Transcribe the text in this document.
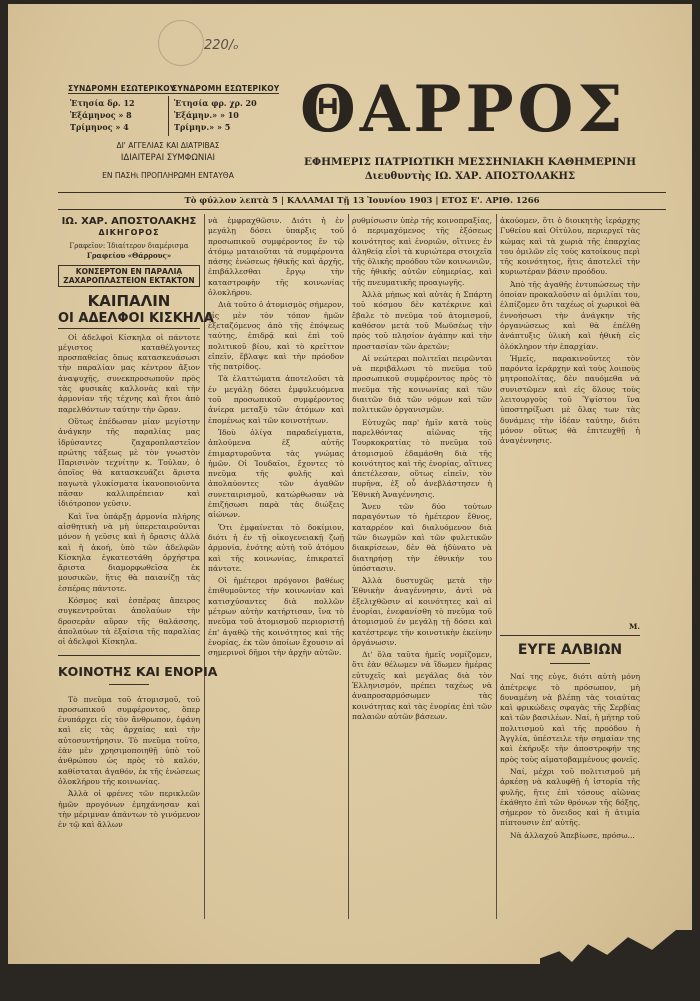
220/ₒ
ΣΥΝΔΡΟΜΗ ΕΣΩΤΕΡΙΚΟΥ
ΣΥΝΔΡΟΜΗ ΕΣΩΤΕΡΙΚΟΥ
Ἐτησία δρ. 12	Ἐτησία φρ. χρ. 20
Ἑξάμηνος » 8	Ἑξάμην.» » 10
Τρίμηνος » 4	Τρίμην.» » 5
ΔΙ' ΑΓΓΕΛΙΑΣ ΚΑΙ ΔΙΑΤΡΙΒΑΣ
ΙΔΙΑΙΤΕΡΑΙ ΣΥΜΦΩΝΙΑΙ
ΕΝ ΠΑΣΗι ΠΡΟΠΛΗΡΩΜΗ ΕΝΤΑΥΘΑ
ΘΑΡΡΟΣ
ΕΦΗΜΕΡΙΣ ΠΑΤΡΙΩΤΙΚΗ ΜΕΣΣΗΝΙΑΚΗ ΚΑΘΗΜΕΡΙΝΗ
Διευθυντὴς ΙΩ. ΧΑΡ. ΑΠΟΣΤΟΛΑΚΗΣ
Τὸ φύλλον λεπτὰ 5 | ΚΑΛΑΜΑΙ Τῇ 13 Ἰουνίου 1903 | ΕΤΟΣ Ε'. ΑΡΙΘ. 1266
ΙΩ. ΧΑΡ. ΑΠΟΣΤΟΛΑΚΗΣ
ΔΙΚΗΓΟΡΟΣ
Γραφεῖον: Ἰδιαίτερον διαμέρισμα
Γραφείου «Θάρρους»
ΚΟΝΣΕΡΤΟΝ ΕΝ ΠΑΡΑΛΙᾼ
ΖΑΧΑΡΟΠΛΑΣΤΕΙΟΝ ΕΚΤΑΚΤΟΝ
ΚΑΙΠΑΛΙΝ
ΟΙ ΑΔΕΛΦΟΙ ΚΙΣΚΗΛΑ

Οἱ ἀδελφοὶ Κίσκηλα οἱ πάντοτε μέγιστος καταθέλγοντες προσπαθείας ὅπως κατασκευάσωσι τὴν παραλίαν μας κέντρον ἄξιον ἀναψυχῆς, συνεκπροσωποῦν πρὸς τὰς φυσικὰς καλλονὰς καὶ τὴν ἁρμονίαν τῆς τέχνης καὶ ἤτοι ἀπὸ παρελθόντων ταύτην τὴν ὥραν.

Οὕτως ἐπέδωσαν μίαν μεγίστην ἀνάγκην τῆς παραλίας μας ἱδρύσαντες ζαχαροπλαστεῖον πρώτης τάξεως μὲ τὸν γνωστὸν Παρισινὸν τεχνίτην κ. Τούλαν, ὁ ὁποῖος θὰ κατασκευάζει ἄριστα παγωτὰ γλυκίσματα ἱκανοποιοῦντα πᾶσαν καλλιπρέπειαν καὶ ἰδιότροπον γεῦσιν.

Καὶ ἵνα ὑπάρξῃ ἁρμονία πλήρης αἰσθητικὴ νὰ μὴ ὑπερεταιροῦνται μόνον ἡ γεῦσις καὶ ἡ ὄρασις ἀλλὰ καὶ ἡ ἀκοή, ὑπὸ τῶν ἀδελφῶν Κίσκηλα ἐγκατεστάθη ὀρχήστρα ἄριστα διαμορφωθεῖσα ἐκ μουσικῶν, ἥτις θὰ παιανίζῃ τὰς ἑσπέρας πάντοτε.

Κόσμος καὶ ἐσπέρας ἄπειρος συγκεντροῦται ἀπολαύων τὴν δροσερὰν αὔραν τῆς θαλάσσης, ἀπολαύων τὰ ἐξαίσια τῆς παραλίας οἱ ἀδελφοὶ Κίσκηλα.

ΚΟΙΝΟΤΗΣ ΚΑΙ ΕΝΟΡΙΑ

Τὸ πνεῦμα τοῦ ἀτομισμοῦ, τοῦ προσωπικοῦ συμφέροντος, ὅπερ ἐνυπάρχει εἰς τὸν ἄνθρωπον, ἐφάνη καὶ εἰς τὰς ἀρχαίας καὶ τὴν αὐτοσυντήρησιν. Τὸ πνεῦμα τοῦτο, ἐὰν μὲν χρησιμοποιηθῇ ὑπὸ τοῦ ἀνθρώπου ὡς πρὸς τὸ καλόν, καθίσταται ἀγαθόν, ἐκ τῆς ἐνώσεως ὁλοκλήρου τῆς κοινωνίας.

Ἀλλὰ οἱ φρένες τῶν περικλεῶν ἡμῶν προγόνων ἐμηχάνησαν καὶ τὴν μέριμναν ἀπάντων τὸ γινόμενον ἐν τῷ καὶ ἄλλων

νὰ ἐμφραχθῶσιν. Διότι ἡ ἐν μεγάλῃ δόσει ὑπαρξις τοῦ προσωπικοῦ συμφέροντος ἔν τῷ ἀτόμῳ ματαιοῦται τὰ συμφέροντα πάσης ἐνώσεως ἠθικῆς καὶ ἀρχῆς, ἐπιβάλλεσθαι ἔργῳ τὴν καταστροφὴν τῆς κοινωνίας ὁλοκλήρου.

Διὰ τοῦτο ὁ ἀτομισμὸς σήμερον, εἰς μὲν τὸν τόπον ἡμῶν ἐξεταζόμενος ἀπὸ τῆς ἐπόψεως ταύτης, ἐπιδρᾷ καὶ ἐπὶ τοῦ πολιτικοῦ βίου, καὶ τὸ κρεῖττον εἰπεῖν, ἔβλαψε καὶ τὴν πρόοδον τῆς πατρίδος.

Τὰ ἐλαττώματα ἀποτελοῦσι τὰ ἐν μεγάλῃ δόσει ἐμφυλευόμενα τοῦ προσωπικοῦ συμφέροντος ἀνίερα μεταξὺ τῶν ἀτόμων καὶ ἐπομένως καὶ τῶν κοινοτήτων.

Ἰδοὺ ὀλίγα παραδείγματα, ἀπλούμενα ἐξ αὐτῆς ἐπιμαρτυροῦντα τὰς γνώμας ἡμῶν. Οἱ Ἰουδαῖοι, ἔχοντες τὸ πνεῦμα τῆς φυλῆς καὶ ἀπολαύοντες τῶν ἀγαθῶν συνεταιρισμοῦ, κατώρθωσαν νὰ ἐπιζήσωσι παρὰ τὰς διώξεις αἰώνων.

Ὅτι ἐμφαίνεται τὸ δοκίμιον, διότι ἡ ἐν τῇ οἰκογενειακῇ ζωῇ ἀρμονία, ἑνότης αὐτὴ τοῦ ἀτόμου καὶ τῆς κοινωνίας, ἐπικρατεῖ πάντοτε.

Οἱ ἡμέτεροι πρόγονοι βαθέως ἐπιθυμοῦντες τὴν κοινωνίαν καὶ κατισχύσαντες διὰ πολλῶν μέτρων αὐτὴν κατήρτισαν, ἵνα τὸ πνεῦμα τοῦ ἀτομισμοῦ περιοριστῇ ἐπ' ἀγαθῷ τῆς κοινότητος καὶ τῆς ἐνορίας, ἐκ τῶν ὁποίων ἔχουσιν αἱ σημερινοὶ δῆμοι τὴν ἀρχὴν αὐτῶν.

ρυθμίσωσιν ὑπὲρ τῆς κοινοπραξίας, ὁ περιμαχόμενος τῆς ἐξόσεως κοινότητος καὶ ἐνοριῶν, οἵτινες ἐν ἀληθείᾳ εἶσὶ τὰ κυριώτερα στοιχεῖα τῆς ὀλικῆς προόδου τῶν κοινωνιῶν, τῆς ἠθικῆς αὐτῶν εὐημερίας, καὶ τῆς πνευματικῆς προαγωγῆς.

Ἀλλὰ μήπως καὶ αὐτὰς ἡ Σπάρτη τοῦ κόσμου δὲν κατέκρινε καὶ ἔβαλε τὸ πνεῦμα τοῦ ἀτομισμοῦ, καθόσον μετὰ τοῦ Μωϋσέως τὴν πρὸς τοῦ πλησίον ἀγάπην καὶ τὴν προστασίαν τῶν ἀρετῶν;

Αἱ νεώτεραι πολιτεῖαι πειρῶνται νὰ περιβάλωσι τὸ πνεῦμα τοῦ προσωπικοῦ συμφέροντος πρὸς τὸ πνεῦμα τῆς κοινωνίας καὶ τῶν διαιτῶν διὰ τῶν νόμων καὶ τῶν πολιτικῶν ὀργανισμῶν.

Εὐτυχῶς παρ' ἡμῖν κατὰ τοὺς παρελθόντας αἰῶνας τῆς Τουρκοκρατίας τὸ πνεῦμα τοῦ ἀτομισμοῦ ἐδαμάσθη διὰ τῆς κοινότητος καὶ τῆς ἐνορίας, αἵτινες ἀπετέλεσαν, οὕτως εἰπεῖν, τὸν πυρῆνα, ἐξ οὗ ἀνεβλάστησεν ἡ Ἐθνικὴ Ἀναγέννησις.

Ἄνευ τῶν δύο τούτων παραγόντων τὸ ἡμέτερον ἔθνος, καταρρέον καὶ διαλυόμενον διὰ τῶν διωγμῶν καὶ τῶν φυλετικῶν διακρίσεων, δὲν θὰ ἠδύνατο νὰ διατηρήσῃ τὴν ἐθνικήν του ὑπόστασιν.

Ἀλλὰ δυστυχῶς μετὰ τὴν Ἐθνικὴν ἀναγέννησιν, ἀντὶ νὰ ἐξελιχθῶσιν αἱ κοινότητες καὶ αἱ ἐνορίαι, ἐνεφανίσθη τὸ πνεῦμα τοῦ ἀτομισμοῦ ἐν μεγάλῃ τῇ δόσει καὶ κατέστρεψε τὴν κοινοτικὴν ἐκείνην ὀργάνωσιν.

Δι' ὅλα ταῦτα ἡμεῖς νομίζομεν, ὅτι ἐὰν θέλωμεν νὰ ἴδωμεν ἡμέρας εὐτυχεῖς καὶ μεγάλας διὰ τὸν Ἑλληνισμόν, πρέπει ταχέως νὰ ἀναπροσαρμόσωμεν τὰς κοινότητας καὶ τὰς ἐνορίας ἐπὶ τῶν παλαιῶν αὐτῶν βάσεων.

ἀκούομεν, ὅτι ὁ διοικητὴς ἱεράρχης Γυθείου καὶ Οἰτύλου, περιεργεῖ τὰς κώμας καὶ τὰ χωριὰ τῆς ἐπαρχίας του ὁμιλῶν εἰς τοὺς κατοίκους περὶ τῆς κοινότητος, ἥτις ἀποτελεῖ τὴν κυριωτέραν βάσιν προόδου.

Ἀπὸ τῆς ἀγαθῆς ἐντυπώσεως τὴν ὁποίαν προκαλοῦσιν αἱ ὁμιλίαι του, ἐλπίζομεν ὅτι ταχέως οἱ χωρικοὶ θὰ ἐννοήσωσι τὴν ἀνάγκην τῆς ὀργανώσεως καὶ θὰ ἐπέλθῃ ἀνάπτυξις ὑλικὴ καὶ ἠθικὴ εἰς ὁλόκληρον τὴν ἐπαρχίαν.

Ἡμεῖς, παρακινοῦντες τὸν παρόντα ἱεράρχην καὶ τοὺς λοιποὺς μητροπολίτας, δὲν παυόμεθα νὰ συνιστῶμεν καὶ εἰς ὅλους τοὺς λειτουργοὺς τοῦ Ὑψίστου ἵνα ὑποστηρίξωσι μὲ ὅλας των τὰς δυνάμεις τὴν ἱδέαν ταύτην, διότι μόνον οὕτως θὰ ἐπιτευχθῇ ἡ ἀναγέννησις.

Μ.
ΕΥΓΕ ΑΛΒΙΩΝ

Ναί της εὐγε, διότι αὐτὴ μόνη ἀπέτρεψε τὸ πρόσωπον, μὴ δυναμένη νὰ βλέπῃ τὰς τοιαύτας καὶ φρικώδεις σφαγὰς τῆς Σερβίας καὶ τῶν βασιλέων. Ναί, ἡ μήτηρ τοῦ πολιτισμοῦ καὶ τῆς προόδου ἡ Ἀγγλία, ὑπέστειλε τὴν σημαίαν της καὶ ἐκήρυξε τὴν ἀποστροφήν της πρὸς τοὺς αἱματοβαμμένους φονεῖς.

Ναί, μέχρι τοῦ πολιτισμοῦ μή ἀρκέσῃ νὰ καλυφθῇ ἡ ἱστορία τῆς φυλῆς, ἥτις ἐπὶ τόσους αἰῶνας ἐκάθητο ἐπὶ τῶν θρόνων τῆς δόξης, σήμερον τὸ ὄνειδος καὶ ἡ ἀτιμία πίπτουσιν ἐπ' αὐτῆς.

Νὰ ἀλλαχοῦ Ἀπεβίωσε, πρόσω...
